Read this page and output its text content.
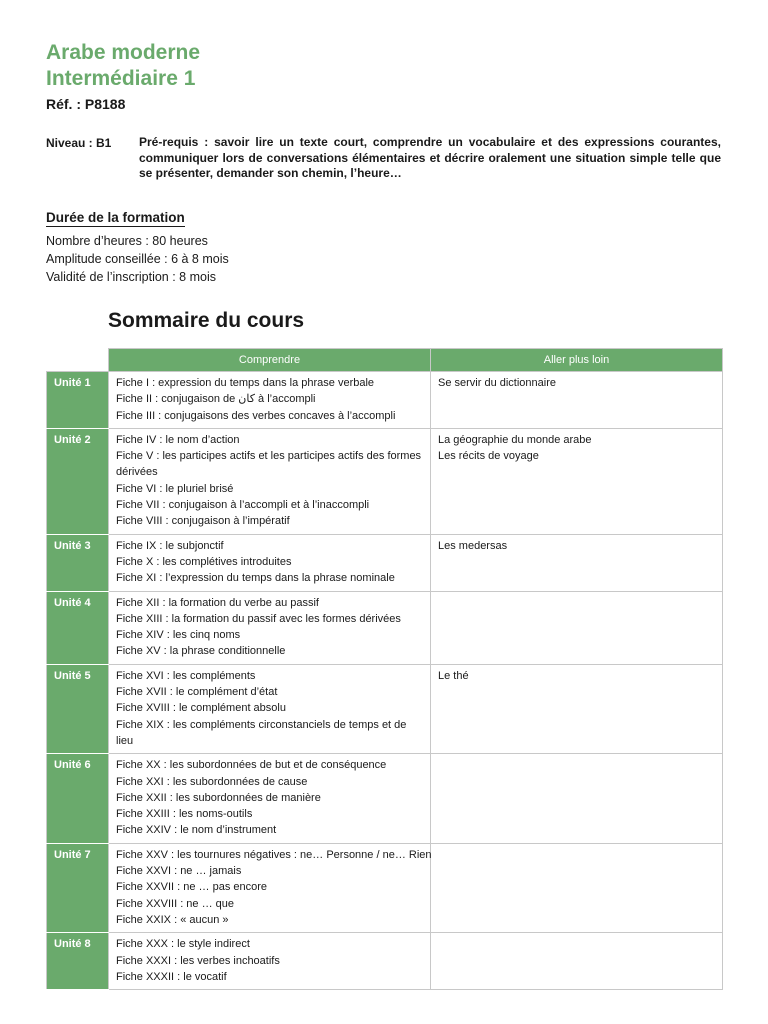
Arabe moderne
Intermédiaire 1
Réf. : P8188
Niveau : B1 Pré-requis : savoir lire un texte court, comprendre un vocabulaire et des expressions courantes, communiquer lors de conversations élémentaires et décrire oralement une situation simple telle que se présenter, demander son chemin, l’heure…
Durée de la formation
Nombre d’heures : 80 heures
Amplitude conseillée : 6 à 8 mois
Validité de l’inscription : 8 mois
Sommaire du cours
	Comprendre	Aller plus loin
Unité 1	Fiche I : expression du temps dans la phrase verbale
Fiche II : conjugaison de كان à l’accompli
Fiche III : conjugaisons des verbes concaves à l’accompli	Se servir du dictionnaire

Unité 2	Fiche IV : le nom d’action
Fiche V : les participes actifs et les participes actifs des formes dérivées
Fiche VI : le pluriel brisé
Fiche VII : conjugaison à l’accompli et à l’inaccompli
Fiche VIII : conjugaison à l’impératif	La géographie du monde arabe
Les récits de voyage

Unité 3	Fiche IX : le subjonctif
Fiche X : les complétives introduites
Fiche XI : l’expression du temps dans la phrase nominale	Les medersas

Unité 4	Fiche XII : la formation du verbe au passif
Fiche XIII : la formation du passif avec les formes dérivées
Fiche XIV : les cinq noms
Fiche XV : la phrase conditionnelle	

Unité 5	Fiche XVI : les compléments
Fiche XVII : le complément d’état
Fiche XVIII : le complément absolu
Fiche XIX : les compléments circonstanciels de temps et de lieu	Le thé

Unité 6	Fiche XX : les subordonnées de but et de conséquence
Fiche XXI : les subordonnées de cause
Fiche XXII : les subordonnées de manière
Fiche XXIII : les noms-outils
Fiche XXIV : le nom d’instrument	

Unité 7	Fiche XXV : les tournures négatives : ne… Personne / ne… Rien
Fiche XXVI : ne … jamais
Fiche XXVII : ne … pas encore
Fiche XXVIII : ne … que
Fiche XXIX : « aucun »	

Unité 8	Fiche XXX : le style indirect
Fiche XXXI : les verbes inchoatifs
Fiche XXXII : le vocatif	
